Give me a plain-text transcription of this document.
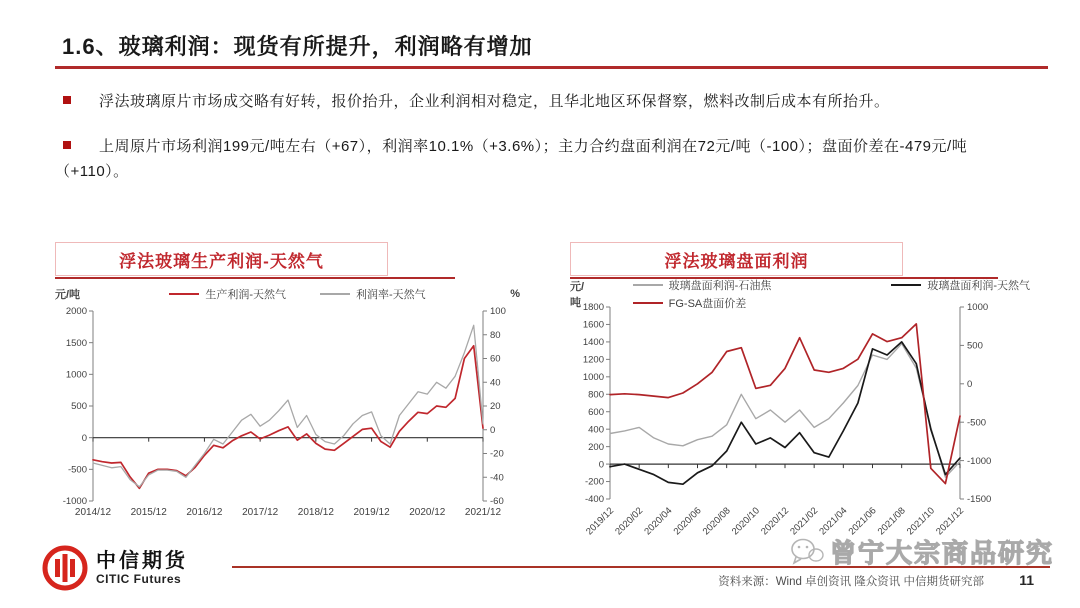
1.6、玻璃利润：现货有所提升，利润略有增加

浮法玻璃原片市场成交略有好转，报价抬升，企业利润相对稳定，且华北地区环保督察，燃料改制后成本有所抬升。

上周原片市场利润199元/吨左右（+67），利润率10.1%（+3.6%）；主力合约盘面利润在72元/吨（-100）；盘面价差在-479元/吨（+110）。

浮法玻璃生产利润-天然气
元/吨	生产利润-天然气	利润率-天然气	%
-1000
-500
0
500
1000
1500
2000
-60
-40
-20
0
20
40
60
80
100
2014/12 2015/12 2016/12 2017/12 2018/12 2019/12 2020/12 2021/12
浮法玻璃盘面利润
元/吨
玻璃盘面利润-石油焦	玻璃盘面利润-天然气
FG-SA盘面价差
-400
-200
0
200
400
600
800
1000
1200
1400
1600
1800
-1500
-1000
-500
0
500
1000
2019/12
2020/02
2020/04
2020/06
2020/08
2020/10
2020/12
2021/02
2021/04
2021/06
2021/08
2021/10
2021/12
中信期货
CITIC Futures
曾宁大宗商品研究
资料来源：Wind 卓创资讯 隆众资讯 中信期货研究部	11
